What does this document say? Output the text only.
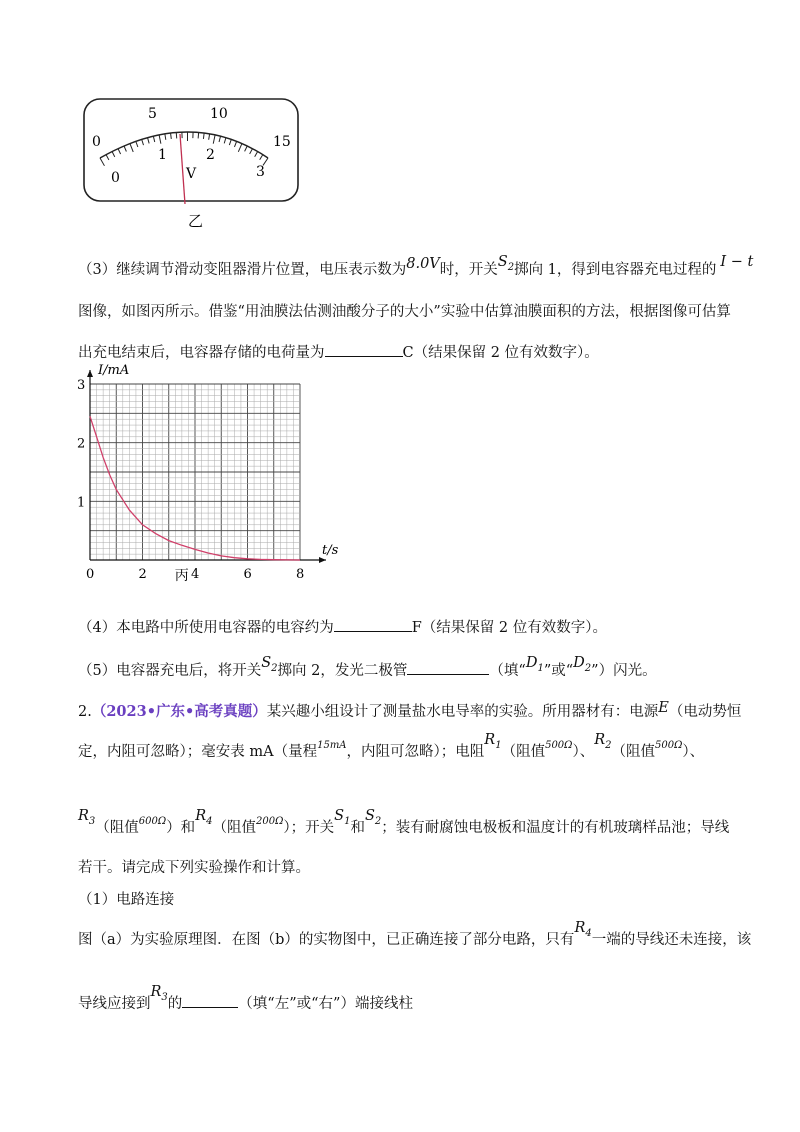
0
5	10
15
0
1	2
3
V
乙
（3）继续调节滑动变阻器滑片位置，电压表示数为8.0V时，开关$S_2$掷向 1，得到电容器充电过程的 I − t
图像，如图丙所示。借鉴“用油膜法估测油酸分子的大小”实验中估算油膜面积的方法，根据图像可估算
出充电结束后，电容器存储的电荷量为	C（结果保留 2 位有效数字）。
0	2	4	6	8
1
2
3
I/mA
t/s
丙
（4）本电路中所使用电容器的电容约为	F（结果保留 2 位有效数字）。
（5）电容器充电后，将开关$S_2$掷向 2，发光二极管	（填“$D_1$”或“$D_2$”）闪光。
2.（2023•广东•高考真题）某兴趣小组设计了测量盐水电导率的实验。所用器材有：电源E（电动势恒
定，内阻可忽略）；毫安表 mA（量程$^{15mA}$，内阻可忽略）；电阻$R_1$（阻值$^{500\Omega}$）、$R_2$（阻值$^{500\Omega}$）、
$R_3$（阻值$^{600\Omega}$）和$R_4$（阻值$^{200\Omega}$）；开关$S_1$和$S_2$；装有耐腐蚀电极板和温度计的有机玻璃样品池；导线
若干。请完成下列实验操作和计算。
（1）电路连接
图（a）为实验原理图．在图（b）的实物图中，已正确连接了部分电路，只有$R_4$一端的导线还未连接，该
导线应接到$R_3$的	（填“左”或“右”）端接线柱
